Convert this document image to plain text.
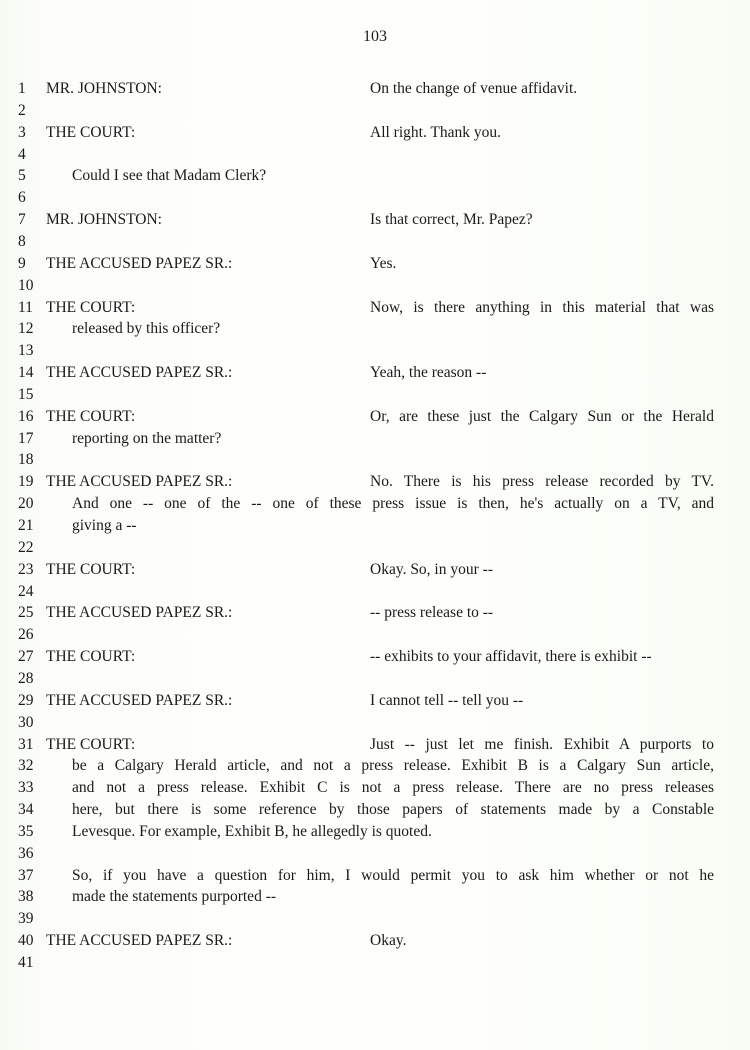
103
1	MR. JOHNSTON:	On the change of venue affidavit.
2
3	THE COURT:	All right. Thank you.
4
5	Could I see that Madam Clerk?
6
7	MR. JOHNSTON:	Is that correct, Mr. Papez?
8
9	THE ACCUSED PAPEZ SR.:	Yes.
10
11 THE COURT:	Now, is there anything in this material that was
12	released by this officer?
13
14 THE ACCUSED PAPEZ SR.:	Yeah, the reason --
15
16 THE COURT:	Or, are these just the Calgary Sun or the Herald
17	reporting on the matter?
18
19 THE ACCUSED PAPEZ SR.:	No. There is his press release recorded by TV.
20	And one -- one of the -- one of these press issue is then, he's actually on a TV, and
21	giving a --
22
23 THE COURT:	Okay. So, in your --
24
25 THE ACCUSED PAPEZ SR.:	-- press release to --
26
27 THE COURT:	-- exhibits to your affidavit, there is exhibit --
28
29 THE ACCUSED PAPEZ SR.:	I cannot tell -- tell you --
30
31 THE COURT:	Just -- just let me finish. Exhibit A purports to
32	be a Calgary Herald article, and not a press release. Exhibit B is a Calgary Sun article,
33	and not a press release. Exhibit C is not a press release. There are no press releases
34	here, but there is some reference by those papers of statements made by a Constable
35	Levesque. For example, Exhibit B, he allegedly is quoted.
36
37	So, if you have a question for him, I would permit you to ask him whether or not he
38	made the statements purported --
39
40 THE ACCUSED PAPEZ SR.:	Okay.
41
